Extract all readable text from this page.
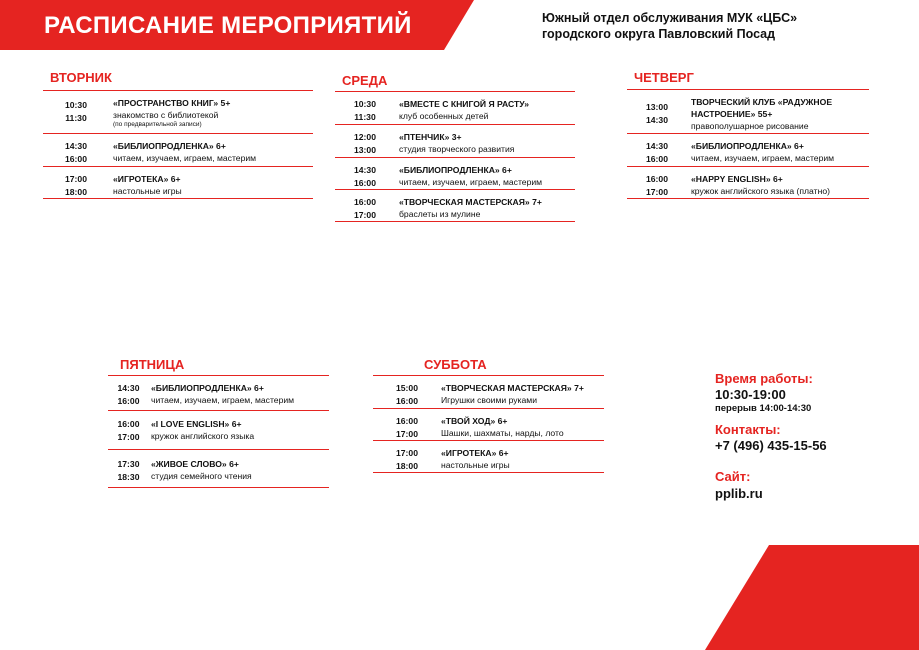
РАСПИСАНИЕ МЕРОПРИЯТИЙ	Южный отдел обслуживания МУК «ЦБС»
городского округа Павловский Посад
ВТОРНИК
10:30
11:30
«ПРОСТРАНСТВО КНИГ» 5+
знакомство с библиотекой
(по предварительной записи)
14:30
16:00
«БИБЛИОПРОДЛЕНКА» 6+
читаем, изучаем, играем, мастерим
17:00
18:00
«ИГРОТЕКА» 6+
настольные игры
СРЕДА
10:30
11:30
«ВМЕСТЕ С КНИГОЙ Я РАСТУ»
клуб особенных детей
12:00
13:00
«ПТЕНЧИК» 3+
студия творческого развития
14:30
16:00
«БИБЛИОПРОДЛЕНКА» 6+
читаем, изучаем, играем, мастерим
16:00
17:00
«ТВОРЧЕСКАЯ МАСТЕРСКАЯ» 7+
браслеты из мулине
ЧЕТВЕРГ
13:00
14:30
ТВОРЧЕСКИЙ КЛУБ «РАДУЖНОЕ
НАСТРОЕНИЕ» 55+
правополушарное рисование
14:30
16:00
«БИБЛИОПРОДЛЕНКА» 6+
читаем, изучаем, играем, мастерим
16:00
17:00
«HAPPY ENGLISH» 6+
кружок английского языка (платно)
ПЯТНИЦА
14:30
16:00
«БИБЛИОПРОДЛЕНКА» 6+
читаем, изучаем, играем, мастерим
16:00
17:00
«I LOVE ENGLISH» 6+
кружок английского языка
17:30
18:30
«ЖИВОЕ СЛОВО» 6+
студия семейного чтения
СУББОТА
15:00
16:00
«ТВОРЧЕСКАЯ МАСТЕРСКАЯ» 7+
Игрушки своими руками
16:00
17:00
«ТВОЙ ХОД» 6+
Шашки, шахматы, нарды, лото
17:00
18:00
«ИГРОТЕКА» 6+
настольные игры
Время работы:
10:30-19:00
перерыв 14:00-14:30
Контакты:
+7 (496) 435-15-56
Сайт:
pplib.ru
